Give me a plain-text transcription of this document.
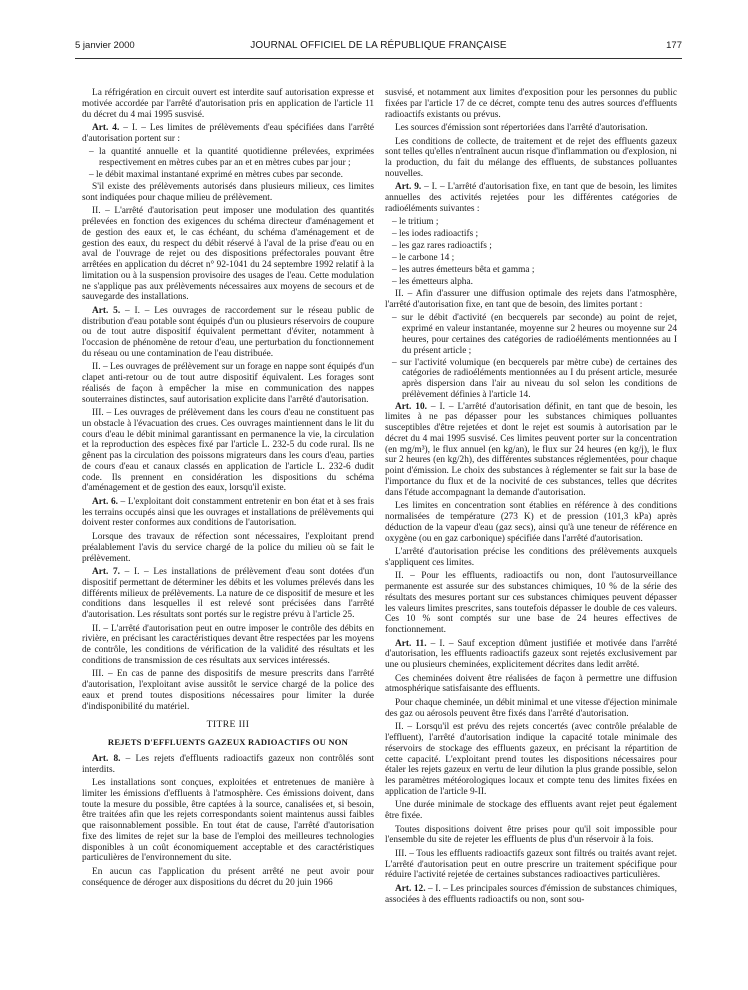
5 janvier 2000	JOURNAL OFFICIEL DE LA RÉPUBLIQUE FRANÇAISE	177

La réfrigération en circuit ouvert est interdite sauf autorisation expresse et motivée accordée par l'arrêté d'autorisation pris en application de l'article 11 du décret du 4 mai 1995 susvisé.

Art. 4. – I. – Les limites de prélèvements d'eau spécifiées dans l'arrêté d'autorisation portent sur :

– la quantité annuelle et la quantité quotidienne prélevées, exprimées respectivement en mètres cubes par an et en mètres cubes par jour ;

– le débit maximal instantané exprimé en mètres cubes par seconde.

S'il existe des prélèvements autorisés dans plusieurs milieux, ces limites sont indiquées pour chaque milieu de prélèvement.

II. – L'arrêté d'autorisation peut imposer une modulation des quantités prélevées en fonction des exigences du schéma directeur d'aménagement et de gestion des eaux et, le cas échéant, du schéma d'aménagement et de gestion des eaux, du respect du débit réservé à l'aval de la prise d'eau ou en aval de l'ouvrage de rejet ou des dispositions préfectorales pouvant être arrêtées en application du décret n° 92-1041 du 24 septembre 1992 relatif à la limitation ou à la suspension provisoire des usages de l'eau. Cette modulation ne s'applique pas aux prélèvements nécessaires aux moyens de secours et de sauvegarde des installations.

Art. 5. – I. – Les ouvrages de raccordement sur le réseau public de distribution d'eau potable sont équipés d'un ou plusieurs réservoirs de coupure ou de tout autre dispositif équivalent permettant d'éviter, notamment à l'occasion de phénomène de retour d'eau, une perturbation du fonctionnement du réseau ou une contamination de l'eau distribuée.

II. – Les ouvrages de prélèvement sur un forage en nappe sont équipés d'un clapet anti-retour ou de tout autre dispositif équivalent. Les forages sont réalisés de façon à empêcher la mise en communication des nappes souterraines distinctes, sauf autorisation explicite dans l'arrêté d'autorisation.

III. – Les ouvrages de prélèvement dans les cours d'eau ne constituent pas un obstacle à l'évacuation des crues. Ces ouvrages maintiennent dans le lit du cours d'eau le débit minimal garantissant en permanence la vie, la circulation et la reproduction des espèces fixé par l'article L. 232-5 du code rural. Ils ne gênent pas la circulation des poissons migrateurs dans les cours d'eau, parties de cours d'eau et canaux classés en application de l'article L. 232-6 dudit code. Ils prennent en considération les dispositions du schéma d'aménagement et de gestion des eaux, lorsqu'il existe.

Art. 6. – L'exploitant doit constamment entretenir en bon état et à ses frais les terrains occupés ainsi que les ouvrages et installations de prélèvements qui doivent rester conformes aux conditions de l'autorisation.

Lorsque des travaux de réfection sont nécessaires, l'exploitant prend préalablement l'avis du service chargé de la police du milieu où se fait le prélèvement.

Art. 7. – I. – Les installations de prélèvement d'eau sont dotées d'un dispositif permettant de déterminer les débits et les volumes prélevés dans les différents milieux de prélèvements. La nature de ce dispositif de mesure et les conditions dans lesquelles il est relevé sont précisées dans l'arrêté d'autorisation. Les résultats sont portés sur le registre prévu à l'article 25.

II. – L'arrêté d'autorisation peut en outre imposer le contrôle des débits en rivière, en précisant les caractéristiques devant être respectées par les moyens de contrôle, les conditions de vérification de la validité des résultats et les conditions de transmission de ces résultats aux services intéressés.

III. – En cas de panne des dispositifs de mesure prescrits dans l'arrêté d'autorisation, l'exploitant avise aussitôt le service chargé de la police des eaux et prend toutes dispositions nécessaires pour limiter la durée d'indisponibilité du matériel.

TITRE III
REJETS D'EFFLUENTS GAZEUX RADIOACTIFS OU NON

Art. 8. – Les rejets d'effluents radioactifs gazeux non contrôlés sont interdits.

Les installations sont conçues, exploitées et entretenues de manière à limiter les émissions d'effluents à l'atmosphère. Ces émissions doivent, dans toute la mesure du possible, être captées à la source, canalisées et, si besoin, être traitées afin que les rejets correspondants soient maintenus aussi faibles que raisonnablement possible. En tout état de cause, l'arrêté d'autorisation fixe des limites de rejet sur la base de l'emploi des meilleures technologies disponibles à un coût économiquement acceptable et des caractéristiques particulières de l'environnement du site.

En aucun cas l'application du présent arrêté ne peut avoir pour conséquence de déroger aux dispositions du décret du 20 juin 1966

susvisé, et notamment aux limites d'exposition pour les personnes du public fixées par l'article 17 de ce décret, compte tenu des autres sources d'effluents radioactifs existants ou prévus.

Les sources d'émission sont répertoriées dans l'arrêté d'autorisation.

Les conditions de collecte, de traitement et de rejet des effluents gazeux sont telles qu'elles n'entraînent aucun risque d'inflammation ou d'explosion, ni la production, du fait du mélange des effluents, de substances polluantes nouvelles.

Art. 9. – I. – L'arrêté d'autorisation fixe, en tant que de besoin, les limites annuelles des activités rejetées pour les différentes catégories de radioéléments suivantes :

– le tritium ;

– les iodes radioactifs ;

– les gaz rares radioactifs ;

– le carbone 14 ;

– les autres émetteurs bêta et gamma ;

– les émetteurs alpha.

II. – Afin d'assurer une diffusion optimale des rejets dans l'atmosphère, l'arrêté d'autorisation fixe, en tant que de besoin, des limites portant :

– sur le débit d'activité (en becquerels par seconde) au point de rejet, exprimé en valeur instantanée, moyenne sur 2 heures ou moyenne sur 24 heures, pour certaines des catégories de radioéléments mentionnées au I du présent article ;

– sur l'activité volumique (en becquerels par mètre cube) de certaines des catégories de radioéléments mentionnées au I du présent article, mesurée après dispersion dans l'air au niveau du sol selon les conditions de prélèvement définies à l'article 14.

Art. 10. – I. – L'arrêté d'autorisation définit, en tant que de besoin, les limites à ne pas dépasser pour les substances chimiques polluantes susceptibles d'être rejetées et dont le rejet est soumis à autorisation par le décret du 4 mai 1995 susvisé. Ces limites peuvent porter sur la concentration (en mg/m³), le flux annuel (en kg/an), le flux sur 24 heures (en kg/j), le flux sur 2 heures (en kg/2h), des différentes substances réglementées, pour chaque point d'émission. Le choix des substances à réglementer se fait sur la base de l'importance du flux et de la nocivité de ces substances, telles que décrites dans l'étude accompagnant la demande d'autorisation.

Les limites en concentration sont établies en référence à des conditions normalisées de température (273 K) et de pression (101,3 kPa) après déduction de la vapeur d'eau (gaz secs), ainsi qu'à une teneur de référence en oxygène (ou en gaz carbonique) spécifiée dans l'arrêté d'autorisation.

L'arrêté d'autorisation précise les conditions des prélèvements auxquels s'appliquent ces limites.

II. – Pour les effluents, radioactifs ou non, dont l'autosurveillance permanente est assurée sur des substances chimiques, 10 % de la série des résultats des mesures portant sur ces substances chimiques peuvent dépasser les valeurs limites prescrites, sans toutefois dépasser le double de ces valeurs. Ces 10 % sont comptés sur une base de 24 heures effectives de fonctionnement.

Art. 11. – I. – Sauf exception dûment justifiée et motivée dans l'arrêté d'autorisation, les effluents radioactifs gazeux sont rejetés exclusivement par une ou plusieurs cheminées, explicitement décrites dans ledit arrêté.

Ces cheminées doivent être réalisées de façon à permettre une diffusion atmosphérique satisfaisante des effluents.

Pour chaque cheminée, un débit minimal et une vitesse d'éjection minimale des gaz ou aérosols peuvent être fixés dans l'arrêté d'autorisation.

II. – Lorsqu'il est prévu des rejets concertés (avec contrôle préalable de l'effluent), l'arrêté d'autorisation indique la capacité totale minimale des réservoirs de stockage des effluents gazeux, en précisant la répartition de cette capacité. L'exploitant prend toutes les dispositions nécessaires pour étaler les rejets gazeux en vertu de leur dilution la plus grande possible, selon les paramètres météorologiques locaux et compte tenu des limites fixées en application de l'article 9-II.

Une durée minimale de stockage des effluents avant rejet peut également être fixée.

Toutes dispositions doivent être prises pour qu'il soit impossible pour l'ensemble du site de rejeter les effluents de plus d'un réservoir à la fois.

III. – Tous les effluents radioactifs gazeux sont filtrés ou traités avant rejet. L'arrêté d'autorisation peut en outre prescrire un traitement spécifique pour réduire l'activité rejetée de certaines substances radioactives particulières.

Art. 12. – I. – Les principales sources d'émission de substances chimiques, associées à des effluents radioactifs ou non, sont sou-
